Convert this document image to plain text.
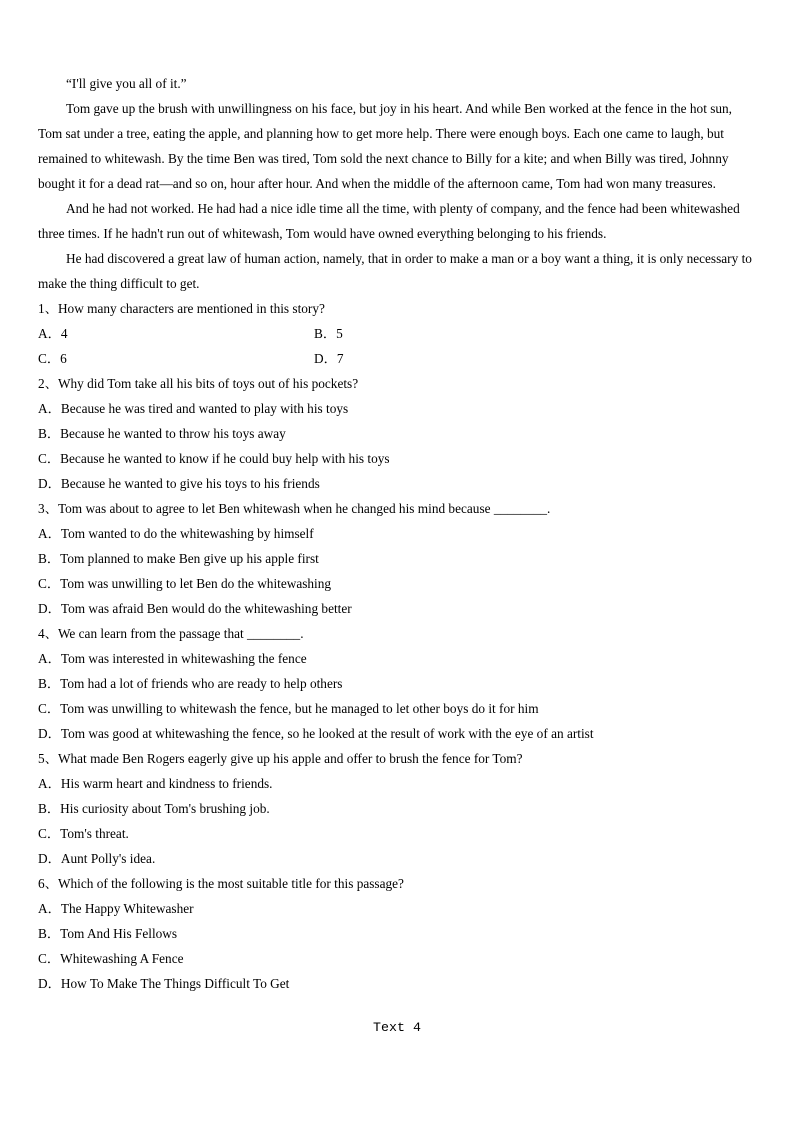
“I'll give you all of it.”

Tom gave up the brush with unwillingness on his face, but joy in his heart. And while Ben worked at the fence in the hot sun, Tom sat under a tree, eating the apple, and planning how to get more help. There were enough boys. Each one came to laugh, but remained to whitewash. By the time Ben was tired, Tom sold the next chance to Billy for a kite; and when Billy was tired, Johnny bought it for a dead rat—and so on, hour after hour. And when the middle of the afternoon came, Tom had won many treasures.

And he had not worked. He had had a nice idle time all the time, with plenty of company, and the fence had been whitewashed three times. If he hadn't run out of whitewash, Tom would have owned everything belonging to his friends.

He had discovered a great law of human action, namely, that in order to make a man or a boy want a thing, it is only necessary to make the thing difficult to get.

1、How many characters are mentioned in this story?

A．4	B．5
C．6	D．7

2、Why did Tom take all his bits of toys out of his pockets?

A．Because he was tired and wanted to play with his toys

B．Because he wanted to throw his toys away

C．Because he wanted to know if he could buy help with his toys

D．Because he wanted to give his toys to his friends

3、Tom was about to agree to let Ben whitewash when he changed his mind because ________.

A．Tom wanted to do the whitewashing by himself

B．Tom planned to make Ben give up his apple first

C．Tom was unwilling to let Ben do the whitewashing

D．Tom was afraid Ben would do the whitewashing better

4、We can learn from the passage that ________.

A．Tom was interested in whitewashing the fence

B．Tom had a lot of friends who are ready to help others

C．Tom was unwilling to whitewash the fence, but he managed to let other boys do it for him

D．Tom was good at whitewashing the fence, so he looked at the result of work with the eye of an artist

5、What made Ben Rogers eagerly give up his apple and offer to brush the fence for Tom?

A．His warm heart and kindness to friends.

B．His curiosity about Tom's brushing job.

C．Tom's threat.

D．Aunt Polly's idea.

6、Which of the following is the most suitable title for this passage?

A．The Happy Whitewasher

B．Tom And His Fellows

C．Whitewashing A Fence

D．How To Make The Things Difficult To Get

Text 4
